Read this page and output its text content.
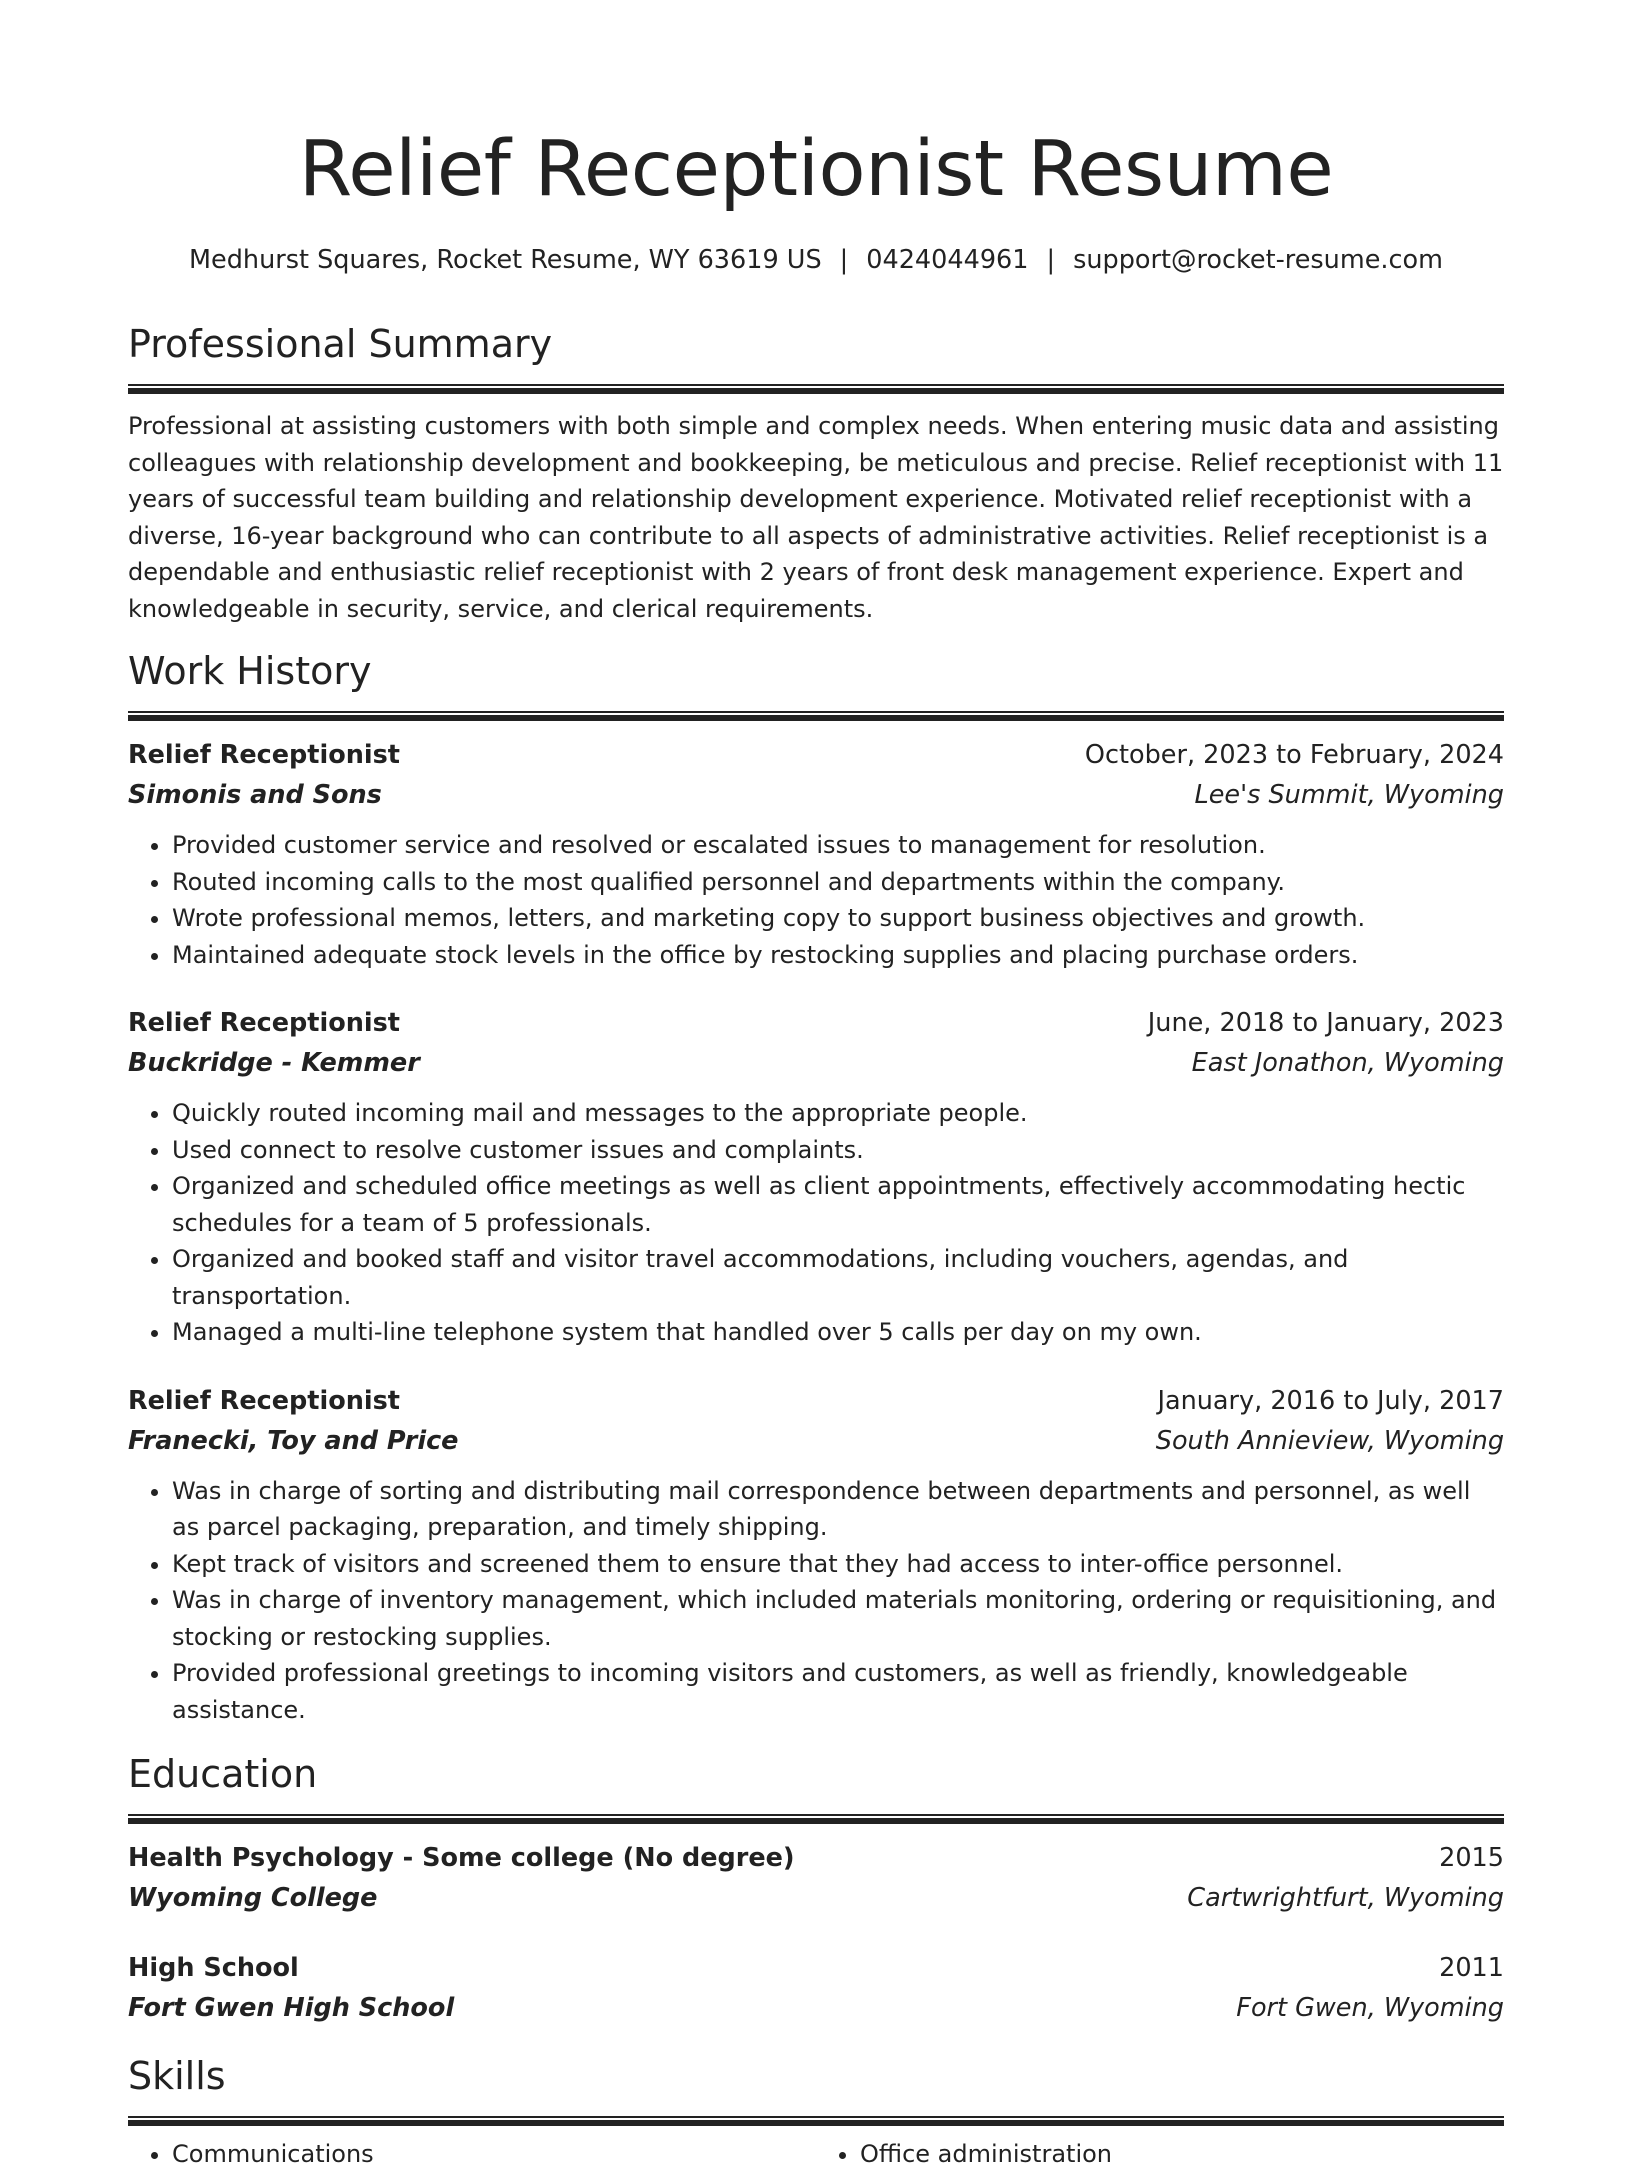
Relief Receptionist Resume
Medhurst Squares, Rocket Resume, WY 63619 US | 0424044961 | support@rocket-resume.com
Professional Summary
Professional at assisting customers with both simple and complex needs. When entering music data and assisting colleagues with relationship development and bookkeeping, be meticulous and precise. Relief receptionist with 11 years of successful team building and relationship development experience. Motivated relief receptionist with a diverse, 16-year background who can contribute to all aspects of administrative activities. Relief receptionist is a dependable and enthusiastic relief receptionist with 2 years of front desk management experience. Expert and knowledgeable in security, service, and clerical requirements.
Work History
Relief Receptionist	October, 2023 to February, 2024
Simonis and Sons	Lee's Summit, Wyoming
• Provided customer service and resolved or escalated issues to management for resolution.
• Routed incoming calls to the most qualified personnel and departments within the company.
• Wrote professional memos, letters, and marketing copy to support business objectives and growth.
• Maintained adequate stock levels in the office by restocking supplies and placing purchase orders.
Relief Receptionist	June, 2018 to January, 2023
Buckridge - Kemmer	East Jonathon, Wyoming
• Quickly routed incoming mail and messages to the appropriate people.
• Used connect to resolve customer issues and complaints.
• Organized and scheduled office meetings as well as client appointments, effectively accommodating hectic schedules for a team of 5 professionals.
• Organized and booked staff and visitor travel accommodations, including vouchers, agendas, and transportation.
• Managed a multi-line telephone system that handled over 5 calls per day on my own.
Relief Receptionist	January, 2016 to July, 2017
Franecki, Toy and Price	South Annieview, Wyoming
• Was in charge of sorting and distributing mail correspondence between departments and personnel, as well as parcel packaging, preparation, and timely shipping.
• Kept track of visitors and screened them to ensure that they had access to inter-office personnel.
• Was in charge of inventory management, which included materials monitoring, ordering or requisitioning, and stocking or restocking supplies.
• Provided professional greetings to incoming visitors and customers, as well as friendly, knowledgeable assistance.
Education
Health Psychology - Some college (No degree)	2015
Wyoming College	Cartwrightfurt, Wyoming
High School	2011
Fort Gwen High School	Fort Gwen, Wyoming
Skills
• Communications
•	Office administration
